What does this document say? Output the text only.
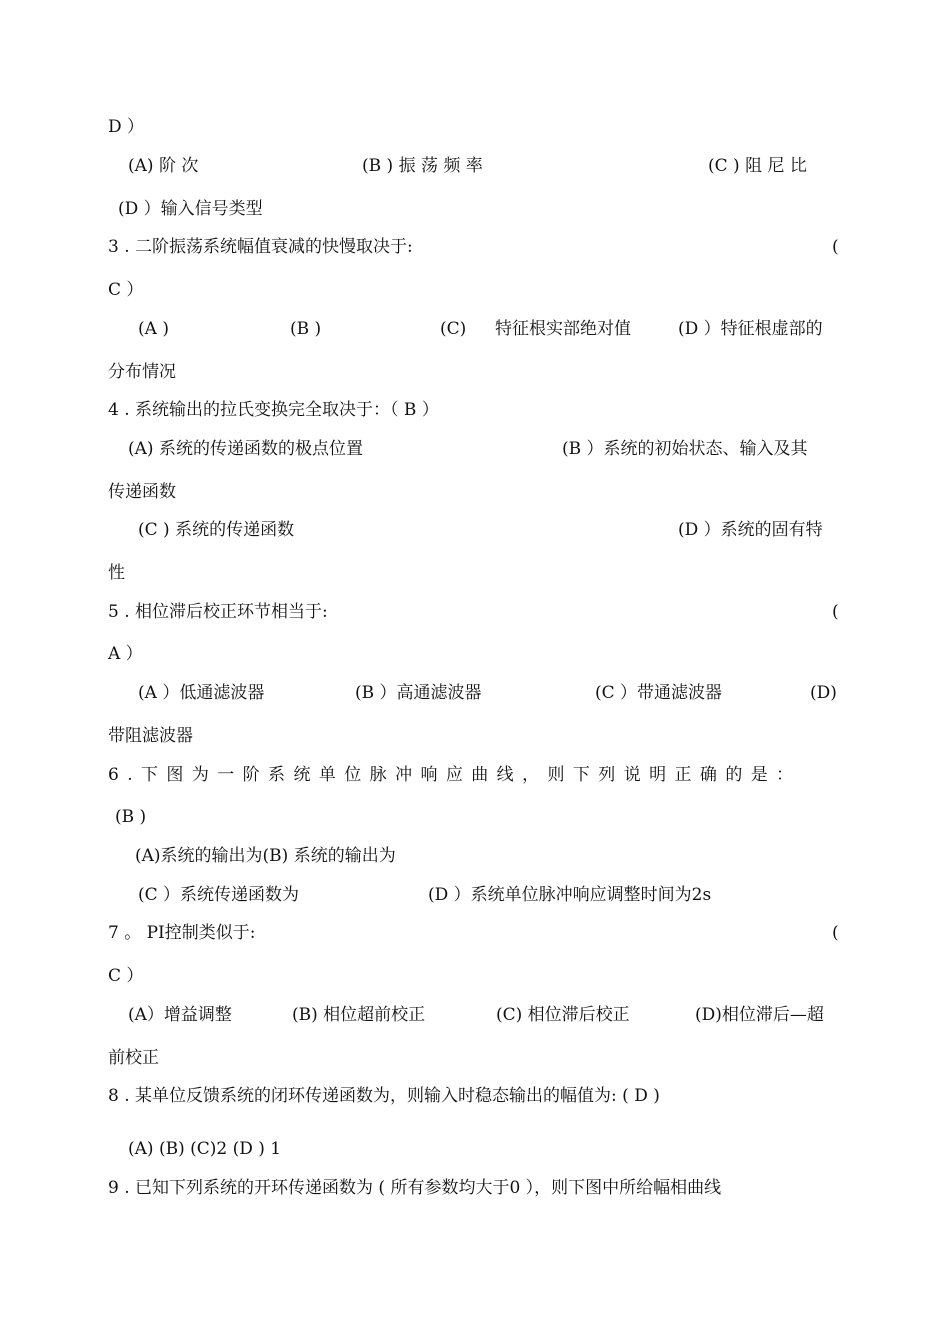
D ）
(A) 阶 次	(B ) 振 荡 频 率	(C ) 阻 尼 比
(D ）输入信号类型
3 . 二阶振荡系统幅值衰减的快慢取决于:	(
C ）
(A )	(B )	(C) 特征根实部绝对值	(D ）特征根虚部的
分布情况
4 . 系统输出的拉氏变换完全取决于：（ B ）
(A) 系统的传递函数的极点位置	(B ）系统的初始状态、输入及其
传递函数
(C ) 系统的传递函数	(D ）系统的固有特
性
5 . 相位滞后校正环节相当于:	(
A ）
(A ）低通滤波器	(B ）高通滤波器	(C ）带通滤波器	(D)
带阻滤波器
6 . 下 图 为 一 阶 系 统 单 位 脉 冲 响 应 曲 线 ， 则 下 列 说 明 正 确 的 是 ：
(B )
(A)系统的输出为(B) 系统的输出为
(C ）系统传递函数为	(D ）系统单位脉冲响应调整时间为2s
7 。 PI控制类似于:	(
C ）
(A）增益调整	(B) 相位超前校正	(C) 相位滞后校正	(D)相位滞后—超
前校正
8 . 某单位反馈系统的闭环传递函数为，则输入时稳态输出的幅值为: ( D )
(A) (B) (C)2 (D ) 1
9 . 已知下列系统的开环传递函数为 ( 所有参数均大于0 ），则下图中所给幅相曲线
